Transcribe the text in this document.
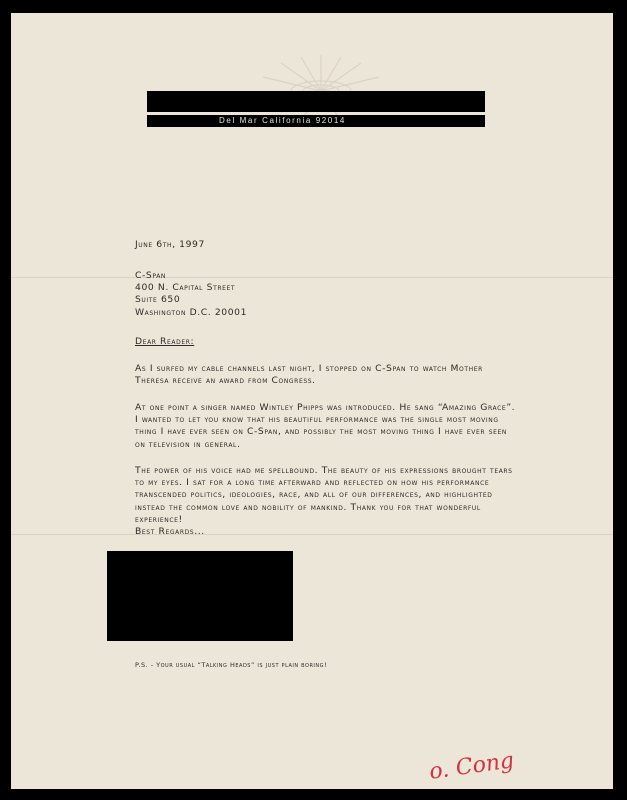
Del Mar California 92014
June 6th, 1997
C-Span
400 N. Capital Street
Suite 650
Washington D.C. 20001
Dear Reader:
As I surfed my cable channels last night, I stopped on C-Span to watch Mother Theresa receive an award from Congress.
At one point a singer named Wintley Phipps was introduced. He sang “Amazing Grace”. I wanted to let you know that his beautiful performance was the single most moving thing I have ever seen on C-Span, and possibly the most moving thing I have ever seen on television in general.
The power of his voice had me spellbound. The beauty of his expressions brought tears to my eyes. I sat for a long time afterward and reflected on how his performance transcended politics, ideologies, race, and all of our differences, and highlighted instead the common love and nobility of mankind. Thank you for that wonderful experience!
Best Regards...
P.S. - Your usual “Talking Heads” is just plain boring!
o. Cong
